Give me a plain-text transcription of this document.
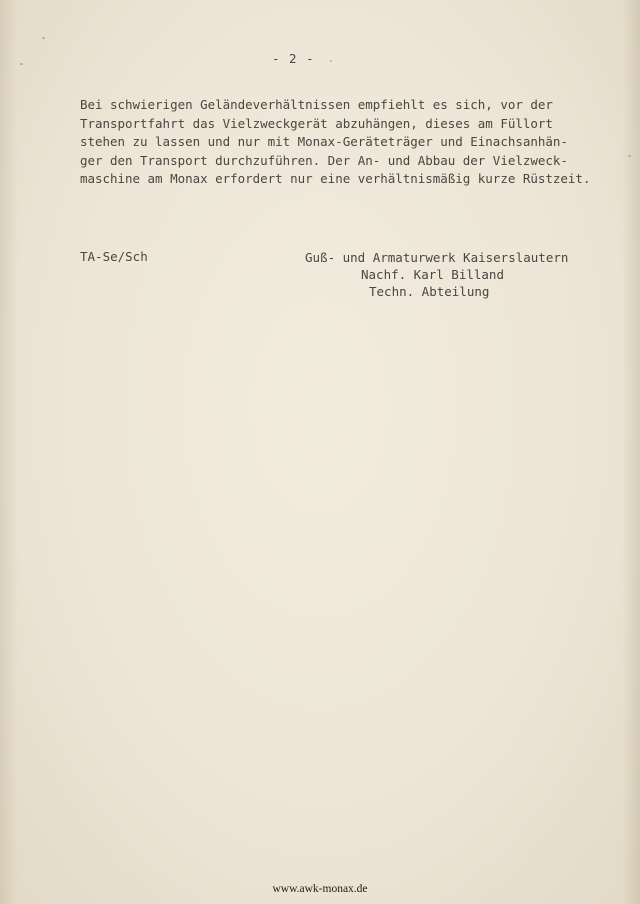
- 2 -

Bei schwierigen Geländeverhältnissen empfiehlt es sich, vor der
Transportfahrt das Vielzweckgerät abzuhängen, dieses am Füllort
stehen zu lassen und nur mit Monax-Geräteträger und Einachsanhän-
ger den Transport durchzuführen. Der An- und Abbau der Vielzweck-
maschine am Monax erfordert nur eine verhältnismäßig kurze Rüstzeit.

TA-Se/Sch	Guß- und Armaturwerk Kaiserslautern
Nachf. Karl Billand
Techn. Abteilung
www.awk-monax.de
